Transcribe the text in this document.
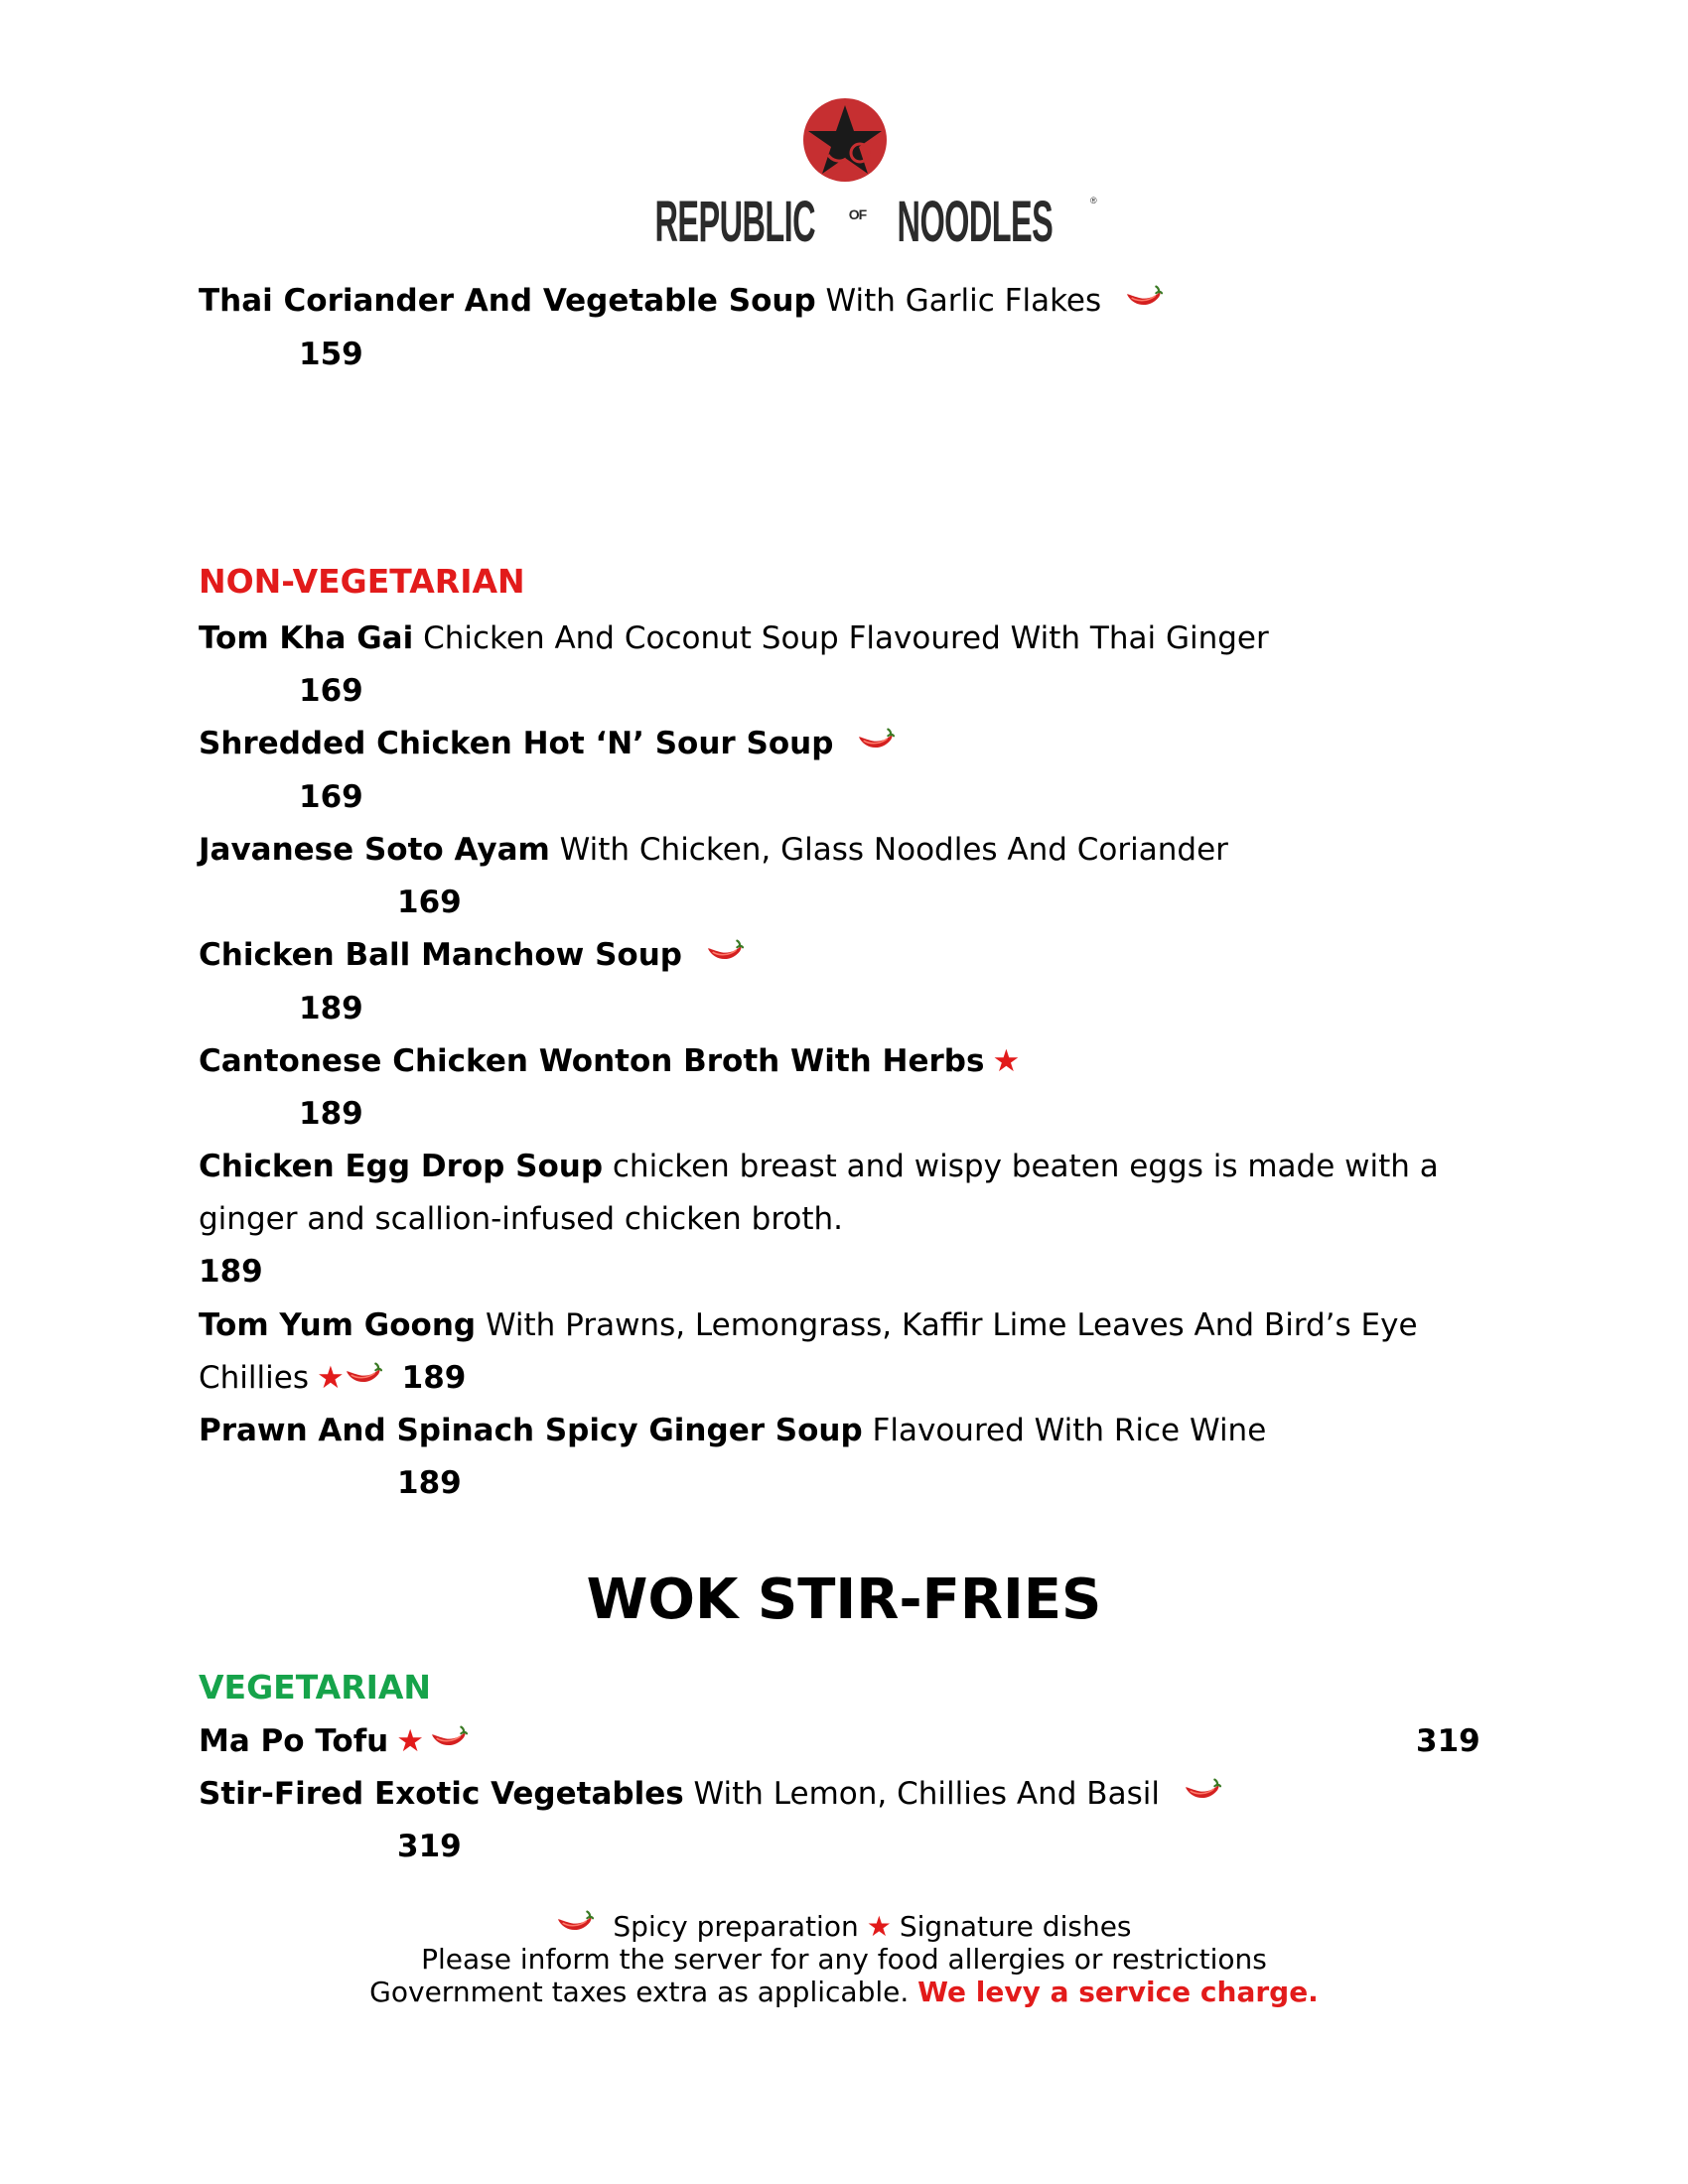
REPUBLIC OF NOODLES	®
Thai Coriander And Vegetable Soup With Garlic Flakes
159
NON-VEGETARIAN
Tom Kha Gai Chicken And Coconut Soup Flavoured With Thai Ginger
169
Shredded Chicken Hot ‘N’ Sour Soup
169
Javanese Soto Ayam With Chicken, Glass Noodles And Coriander
169
Chicken Ball Manchow Soup
189
Cantonese Chicken Wonton Broth With Herbs ★
189
Chicken Egg Drop Soup chicken breast and wispy beaten eggs is made with a
ginger and scallion-infused chicken broth.
189
Tom Yum Goong With Prawns, Lemongrass, Kaffir Lime Leaves And Bird’s Eye
Chillies ★ 189
Prawn And Spinach Spicy Ginger Soup Flavoured With Rice Wine
189
WOK STIR-FRIES
VEGETARIAN
Ma Po Tofu ★	319
Stir-Fired Exotic Vegetables With Lemon, Chillies And Basil
319
Spicy preparation ★ Signature dishes
Please inform the server for any food allergies or restrictions
Government taxes extra as applicable. We levy a service charge.
